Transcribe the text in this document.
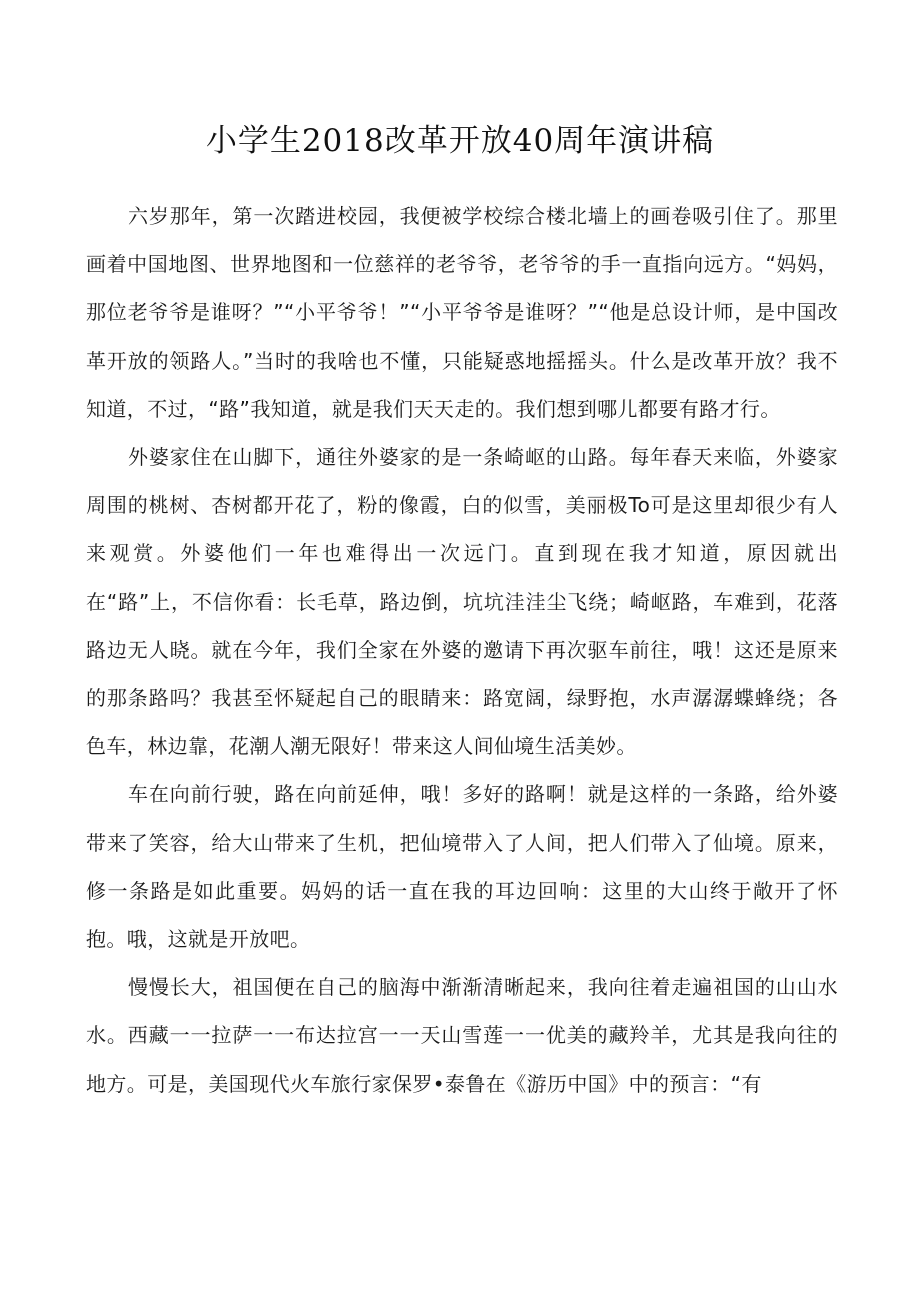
小学生2018改革开放40周年演讲稿

六岁那年，第一次踏进校园，我便被学校综合楼北墙上的画卷吸引住了。那里画着中国地图、世界地图和一位慈祥的老爷爷，老爷爷的手一直指向远方。“妈妈，那位老爷爷是谁呀？”“小平爷爷！”“小平爷爷是谁呀？”“他是总设计师，是中国改革开放的领路人。”当时的我啥也不懂，只能疑惑地摇摇头。什么是改革开放？我不知道，不过，“路”我知道，就是我们天天走的。我们想到哪儿都要有路才行。

外婆家住在山脚下，通往外婆家的是一条崎岖的山路。每年春天来临，外婆家周围的桃树、杏树都开花了，粉的像霞，白的似雪，美丽极To可是这里却很少有人来观赏。外婆他们一年也难得出一次远门。直到现在我才知道，原因就出在“路”上，不信你看：长毛草，路边倒，坑坑洼洼尘飞绕；崎岖路，车难到，花落路边无人晓。就在今年，我们全家在外婆的邀请下再次驱车前往，哦！这还是原来的那条路吗？我甚至怀疑起自己的眼睛来：路宽阔，绿野抱，水声潺潺蝶蜂绕；各色车，林边靠，花潮人潮无限好！带来这人间仙境生活美妙。

车在向前行驶，路在向前延伸，哦！多好的路啊！就是这样的一条路，给外婆带来了笑容，给大山带来了生机，把仙境带入了人间，把人们带入了仙境。原来，修一条路是如此重要。妈妈的话一直在我的耳边回响：这里的大山终于敞开了怀抱。哦，这就是开放吧。

慢慢长大，祖国便在自己的脑海中渐渐清晰起来，我向往着走遍祖国的山山水水。西藏一一拉萨一一布达拉宫一一天山雪莲一一优美的藏羚羊，尤其是我向往的地方。可是，美国现代火车旅行家保罗•泰鲁在《游历中国》中的预言：“有
